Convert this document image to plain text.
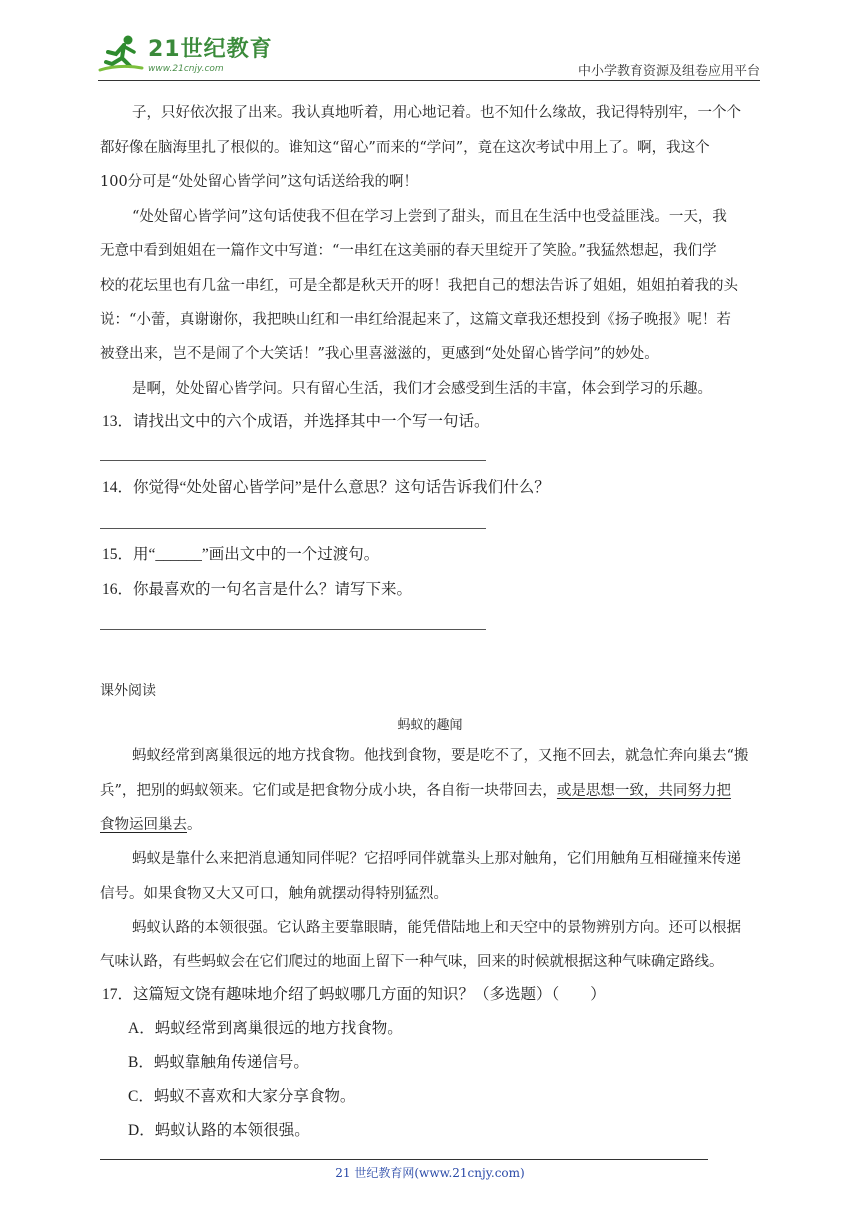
21世纪教育
www.21cnjy.com	中小学教育资源及组卷应用平台
子，只好依次报了出来。我认真地听着，用心地记着。也不知什么缘故，我记得特别牢，一个个
都好像在脑海里扎了根似的。谁知这“留心”而来的“学问”，竟在这次考试中用上了。啊，我这个
100分可是“处处留心皆学问”这句话送给我的啊！
“处处留心皆学问”这句话使我不但在学习上尝到了甜头，而且在生活中也受益匪浅。一天，我
无意中看到姐姐在一篇作文中写道：“一串红在这美丽的春天里绽开了笑脸。”我猛然想起，我们学
校的花坛里也有几盆一串红，可是全都是秋天开的呀！我把自己的想法告诉了姐姐，姐姐拍着我的头
说：“小蕾，真谢谢你，我把映山红和一串红给混起来了，这篇文章我还想投到《扬子晚报》呢！若
被登出来，岂不是闹了个大笑话！”我心里喜滋滋的，更感到“处处留心皆学问”的妙处。
是啊，处处留心皆学问。只有留心生活，我们才会感受到生活的丰富，体会到学习的乐趣。
13．请找出文中的六个成语，并选择其中一个写一句话。
14．你觉得“处处留心皆学问”是什么意思？这句话告诉我们什么？
15．用“______”画出文中的一个过渡句。
16．你最喜欢的一句名言是什么？请写下来。
课外阅读
蚂蚁的趣闻
蚂蚁经常到离巢很远的地方找食物。他找到食物，要是吃不了，又拖不回去，就急忙奔向巢去“搬
兵”，把别的蚂蚁领来。它们或是把食物分成小块，各自衔一块带回去，或是思想一致，共同努力把
食物运回巢去。
蚂蚁是靠什么来把消息通知同伴呢？它招呼同伴就靠头上那对触角，它们用触角互相碰撞来传递
信号。如果食物又大又可口，触角就摆动得特别猛烈。
蚂蚁认路的本领很强。它认路主要靠眼睛，能凭借陆地上和天空中的景物辨别方向。还可以根据
气味认路，有些蚂蚁会在它们爬过的地面上留下一种气味，回来的时候就根据这种气味确定路线。
17．这篇短文饶有趣味地介绍了蚂蚁哪几方面的知识？（多选题）（　　）
A．蚂蚁经常到离巢很远的地方找食物。
B．蚂蚁靠触角传递信号。
C．蚂蚁不喜欢和大家分享食物。
D．蚂蚁认路的本领很强。
21 世纪教育网(www.21cnjy.com)
